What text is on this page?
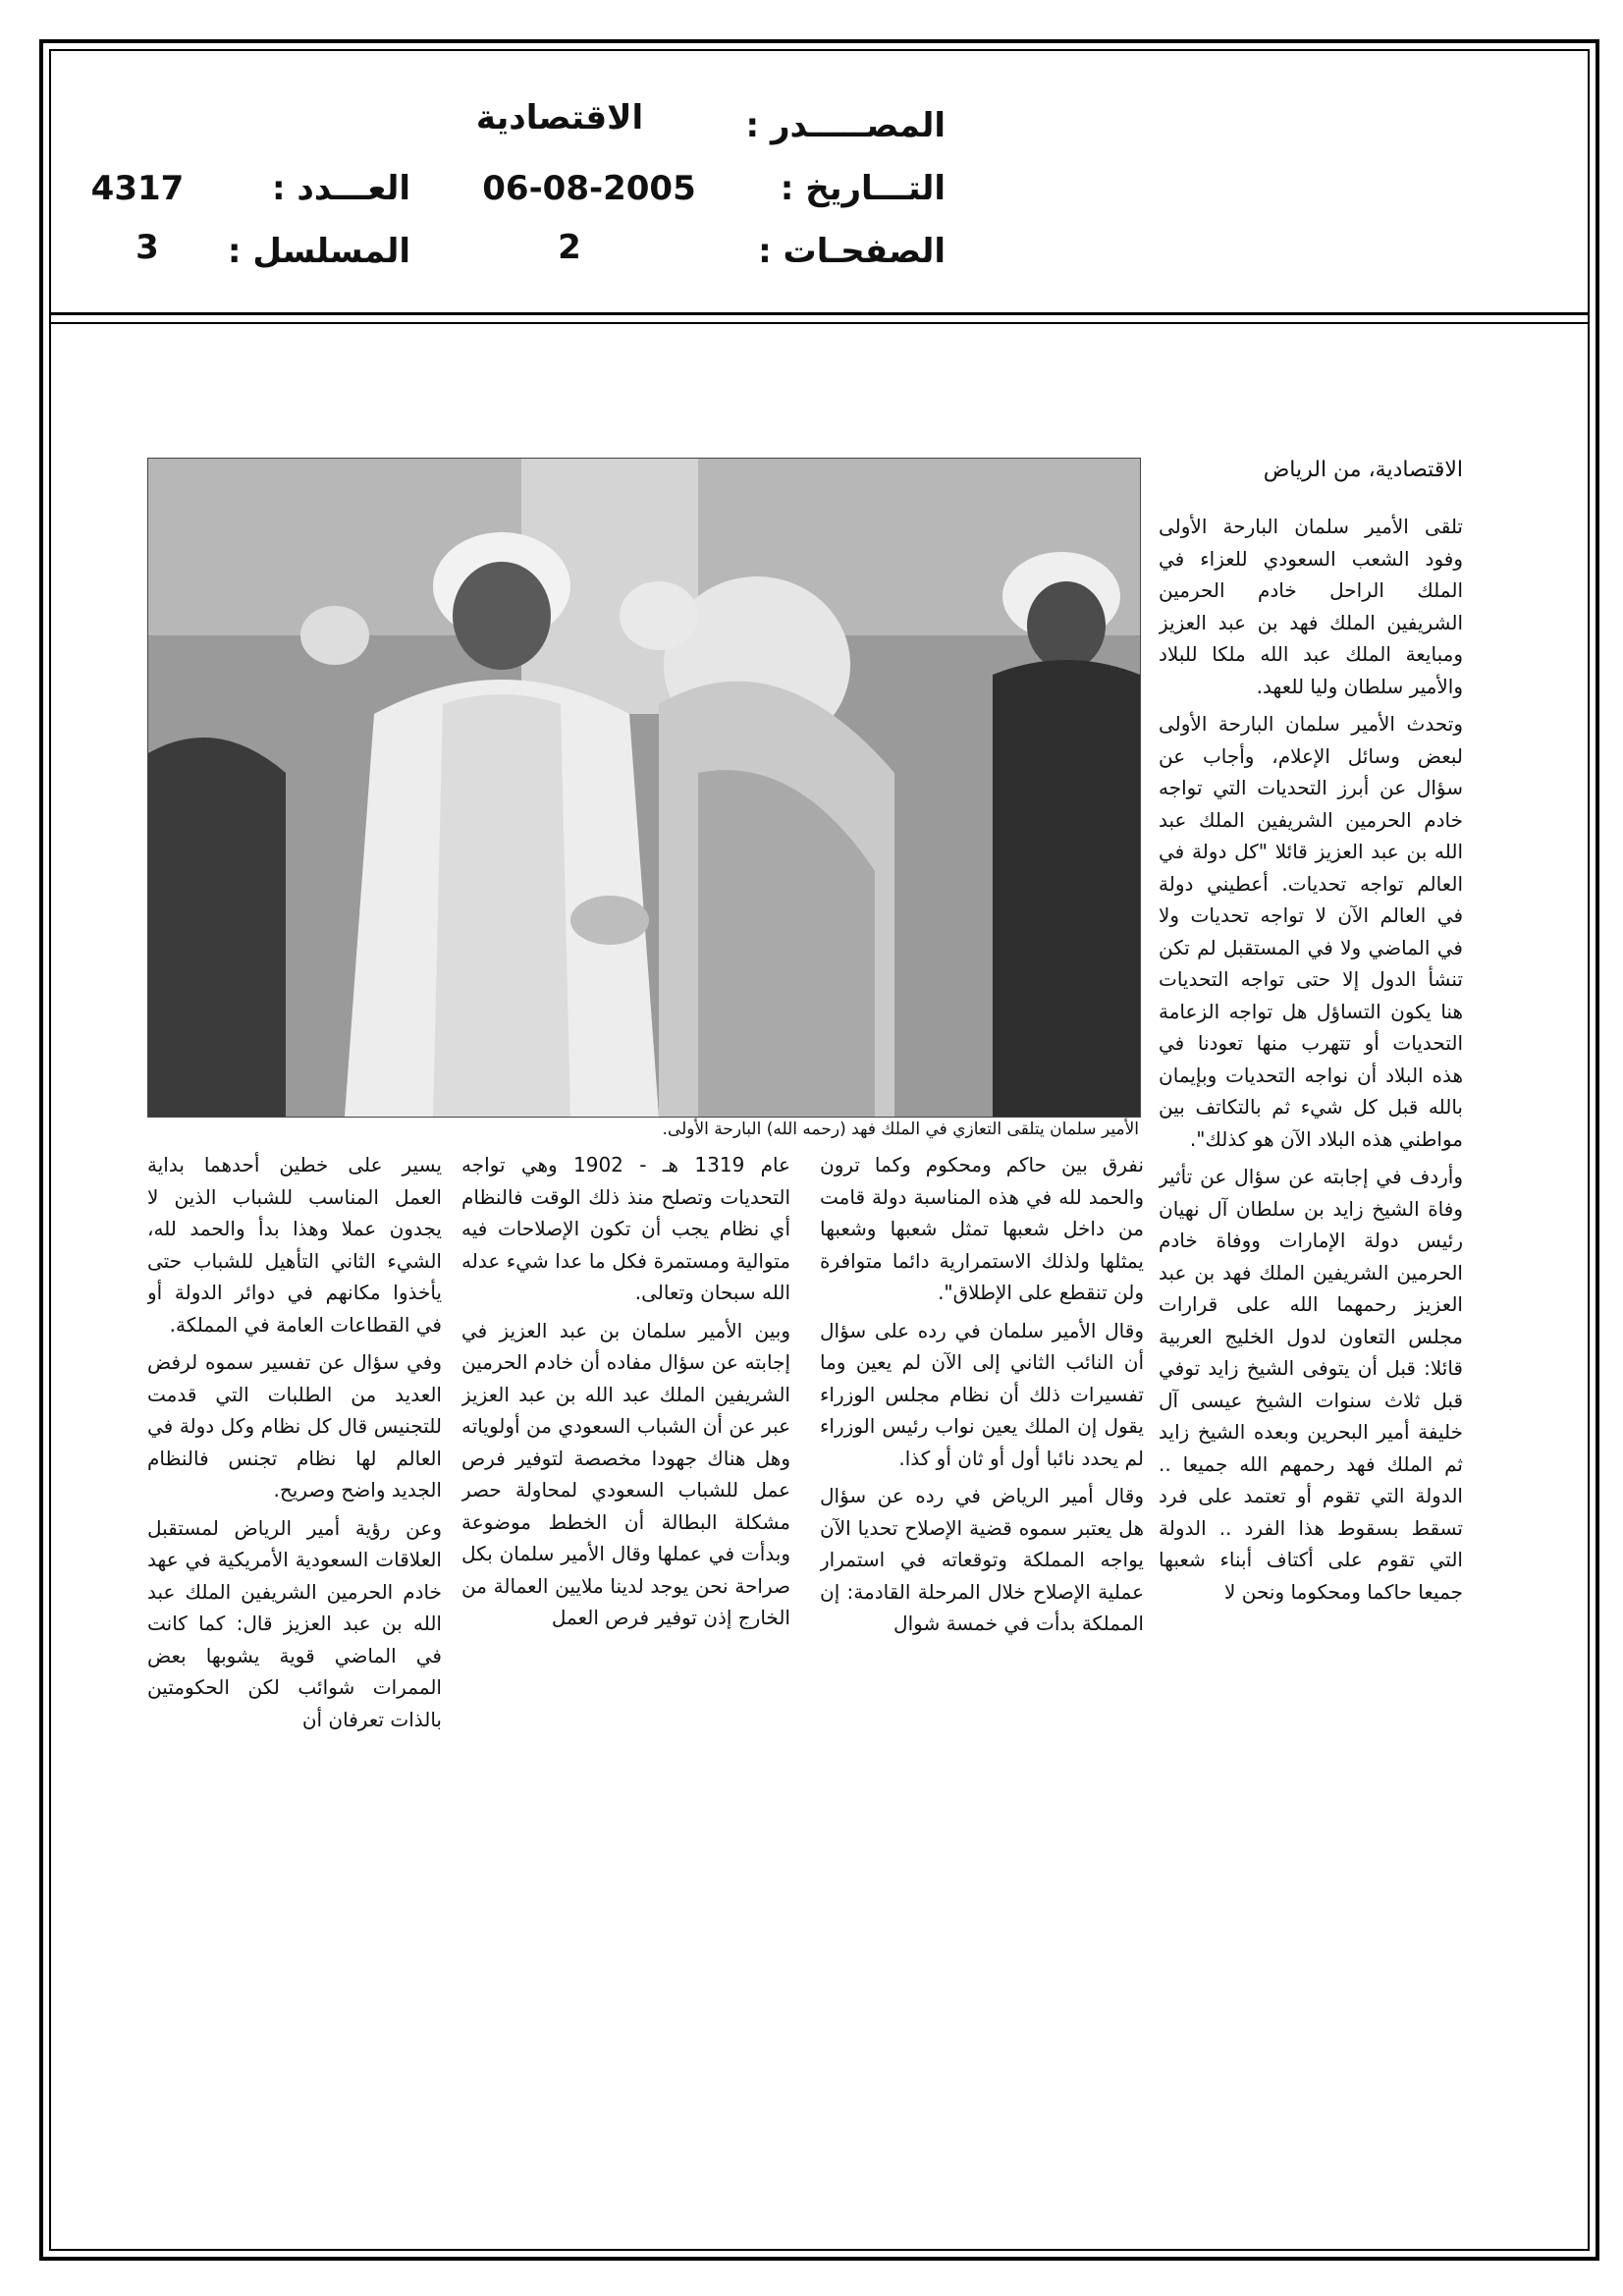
المصـــــدر :
الاقتصادية
التـــاريخ :
06-08-2005
الصفحـات :
2
العـــدد :
4317
المسلسل :
3
الأمير سلمان يتلقى التعازي في الملك فهد (رحمه الله) البارحة الأولى.
الاقتصادية، من الرياض

تلقى الأمير سلمان البارحة الأولى وفود الشعب السعودي للعزاء في الملك الراحل خادم الحرمين الشريفين الملك فهد بن عبد العزيز ومبايعة الملك عبد الله ملكا للبلاد والأمير سلطان وليا للعهد.

وتحدث الأمير سلمان البارحة الأولى لبعض وسائل الإعلام، وأجاب عن سؤال عن أبرز التحديات التي تواجه خادم الحرمين الشريفين الملك عبد الله بن عبد العزيز قائلا "كل دولة في العالم تواجه تحديات. أعطيني دولة في العالم الآن لا تواجه تحديات ولا في الماضي ولا في المستقبل لم تكن تنشأ الدول إلا حتى تواجه التحديات هنا يكون التساؤل هل تواجه الزعامة التحديات أو تتهرب منها تعودنا في هذه البلاد أن نواجه التحديات وبإيمان بالله قبل كل شيء ثم بالتكاتف بين مواطني هذه البلاد الآن هو كذلك".

وأردف في إجابته عن سؤال عن تأثير وفاة الشيخ زايد بن سلطان آل نهيان رئيس دولة الإمارات ووفاة خادم الحرمين الشريفين الملك فهد بن عبد العزيز رحمهما الله على قرارات مجلس التعاون لدول الخليج العربية قائلا: قبل أن يتوفى الشيخ زايد توفي قبل ثلاث سنوات الشيخ عيسى آل خليفة أمير البحرين وبعده الشيخ زايد ثم الملك فهد رحمهم الله جميعا .. الدولة التي تقوم أو تعتمد على فرد تسقط بسقوط هذا الفرد .. الدولة التي تقوم على أكتاف أبناء شعبها جميعا حاكما ومحكوما ونحن لا

نفرق بين حاكم ومحكوم وكما ترون والحمد لله في هذه المناسبة دولة قامت من داخل شعبها تمثل شعبها وشعبها يمثلها ولذلك الاستمرارية دائما متوافرة ولن تنقطع على الإطلاق".

وقال الأمير سلمان في رده على سؤال أن النائب الثاني إلى الآن لم يعين وما تفسيرات ذلك أن نظام مجلس الوزراء يقول إن الملك يعين نواب رئيس الوزراء لم يحدد نائبا أول أو ثان أو كذا.

وقال أمير الرياض في رده عن سؤال هل يعتبر سموه قضية الإصلاح تحديا الآن يواجه المملكة وتوقعاته في استمرار عملية الإصلاح خلال المرحلة القادمة: إن المملكة بدأت في خمسة شوال

عام 1319 هـ - 1902 وهي تواجه التحديات وتصلح منذ ذلك الوقت فالنظام أي نظام يجب أن تكون الإصلاحات فيه متوالية ومستمرة فكل ما عدا شيء عدله الله سبحان وتعالى.

وبين الأمير سلمان بن عبد العزيز في إجابته عن سؤال مفاده أن خادم الحرمين الشريفين الملك عبد الله بن عبد العزيز عبر عن أن الشباب السعودي من أولوياته وهل هناك جهودا مخصصة لتوفير فرص عمل للشباب السعودي لمحاولة حصر مشكلة البطالة أن الخطط موضوعة وبدأت في عملها وقال الأمير سلمان بكل صراحة نحن يوجد لدينا ملايين العمالة من الخارج إذن توفير فرص العمل

يسير على خطين أحدهما بداية العمل المناسب للشباب الذين لا يجدون عملا وهذا بدأ والحمد لله، الشيء الثاني التأهيل للشباب حتى يأخذوا مكانهم في دوائر الدولة أو في القطاعات العامة في المملكة.

وفي سؤال عن تفسير سموه لرفض العديد من الطلبات التي قدمت للتجنيس قال كل نظام وكل دولة في العالم لها نظام تجنس فالنظام الجديد واضح وصريح.

وعن رؤية أمير الرياض لمستقبل العلاقات السعودية الأمريكية في عهد خادم الحرمين الشريفين الملك عبد الله بن عبد العزيز قال: كما كانت في الماضي قوية يشوبها بعض الممرات شوائب لكن الحكومتين بالذات تعرفان أن
